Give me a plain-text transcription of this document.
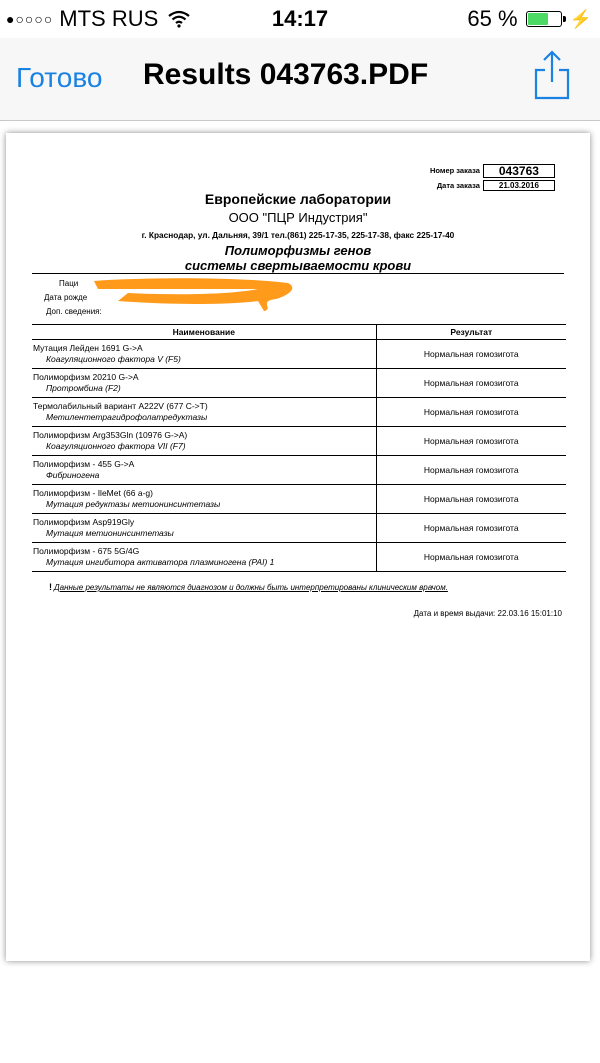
●○○○○ MTS RUS	14:17	65 %	⚡
Готово Results 043763.PDF
Номер заказа	043763
Дата заказа	21.03.2016
Европейские лаборатории
ООО "ПЦР Индустрия"
г. Краснодар, ул. Дальняя, 39/1 тел.(861) 225-17-35, 225-17-38, факс 225-17-40
Полиморфизмы генов
системы свертываемости крови
Паци
Дата рожде
Доп. сведения:
Наименование	Результат

Мутация Лейден 1691 G->A
Коагуляционного фактора V (F5)	Нормальная гомозигота

Полиморфизм 20210 G->A
Протромбина (F2)	Нормальная гомозигота

Термолабильный вариант A222V (677 C->T)
Метилентетрагидрофолатредуктазы	Нормальная гомозигота

Полиморфизм Arg353Gln (10976 G->A)
Коагуляционного фактора VII (F7)	Нормальная гомозигота

Полиморфизм - 455 G->A
Фибриногена	Нормальная гомозигота

Полиморфизм - IleMet (66 a-g)
Мутация редуктазы метионинсинтетазы	Нормальная гомозигота

Полиморфизм Asp919Gly
Мутация метионинсинтетазы	Нормальная гомозигота

Полиморфизм - 675 5G/4G
Мутация ингибитора активатора плазминогена (PAI) 1	Нормальная гомозигота
! Данные результаты не являются диагнозом и должны быть интерпретированы клиническим врачом.
Дата и время выдачи: 22.03.16 15:01:10
